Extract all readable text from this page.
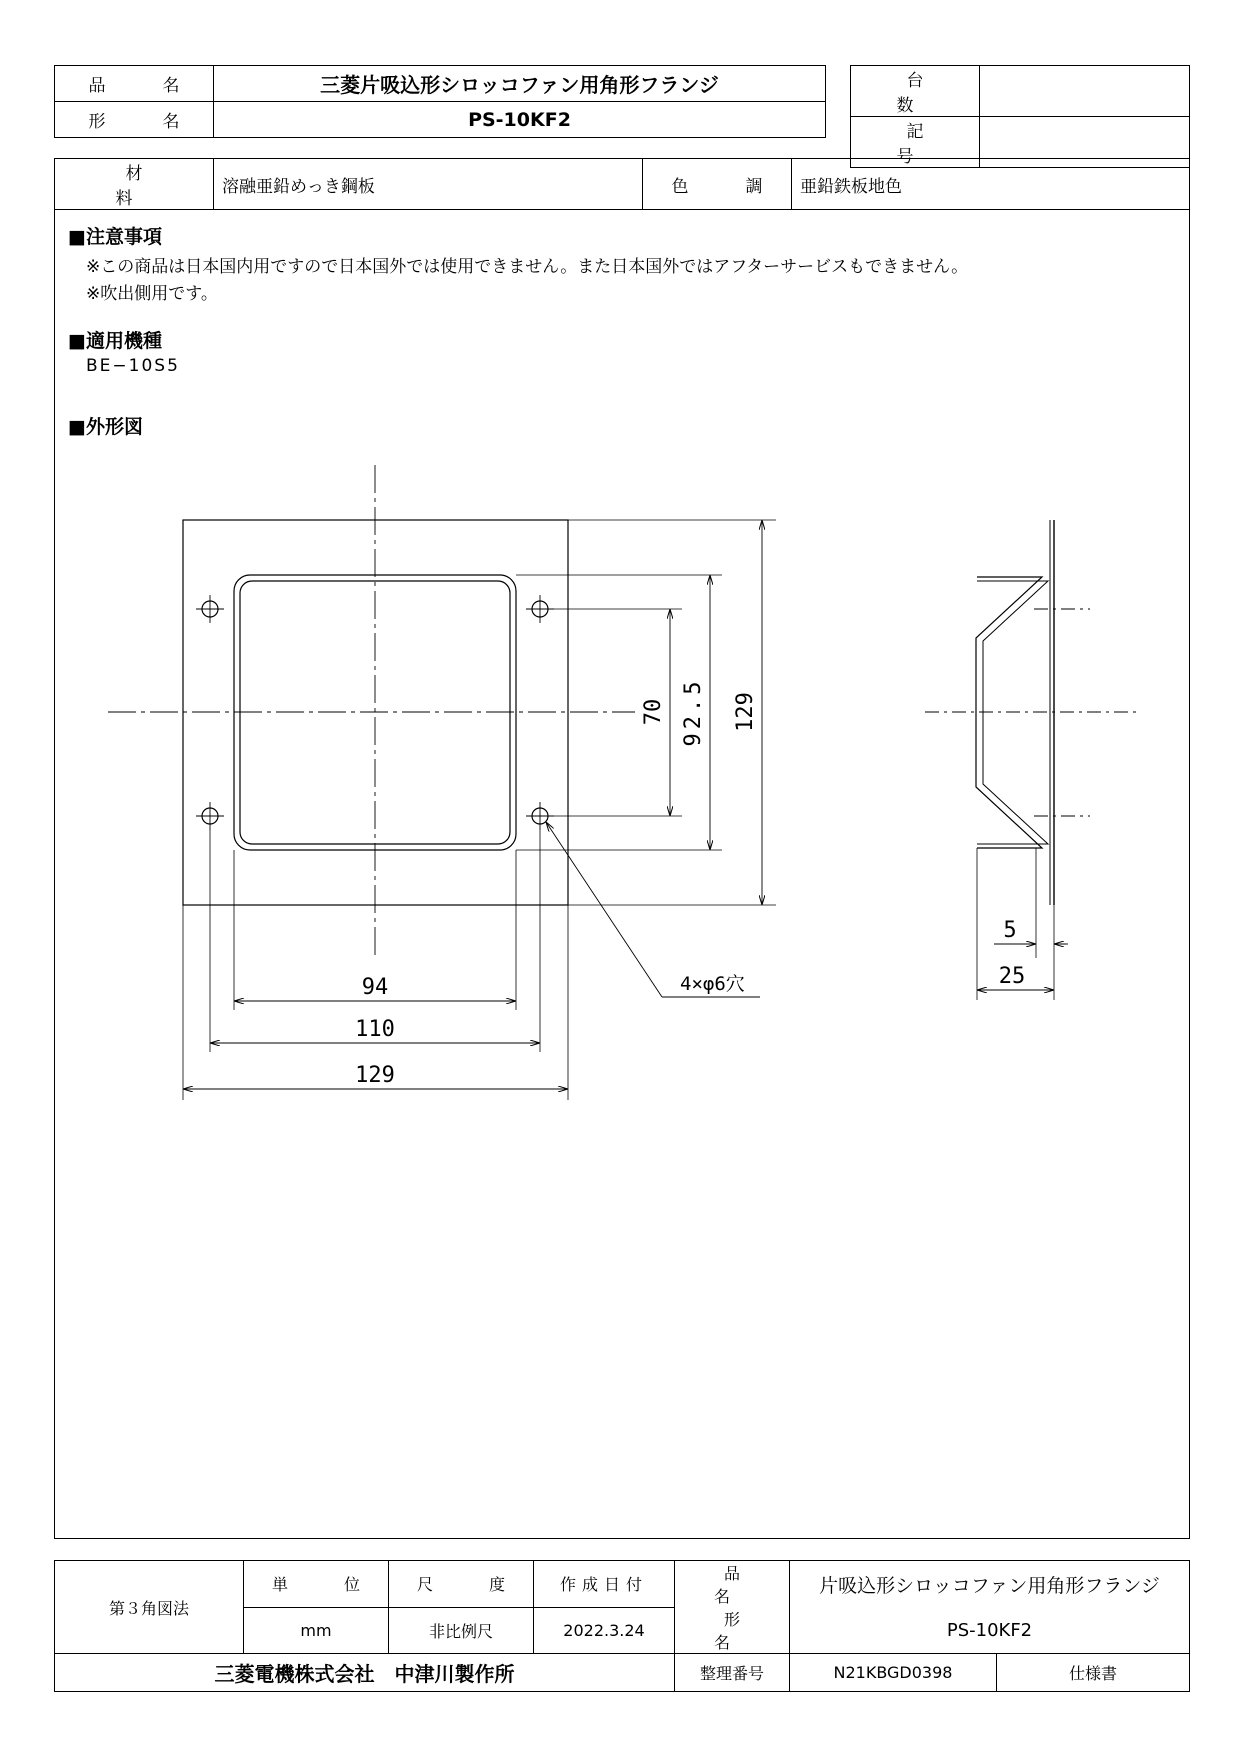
品　名	三菱片吸込形シロッコファン用角形フランジ
形　名	PS-10KF2
台　数	
記　号	
材　　料	溶融亜鉛めっき鋼板	色　調	亜鉛鉄板地色
■注意事項
※この商品は日本国内用ですので日本国外では使用できません。また日本国外ではアフターサービスもできません。
※吹出側用です。
■適用機種
BE−10S5
■外形図
94
110
129
70 92.5 129
4×φ6穴
5
25
第３角図法	単　位	尺　度	作成日付	品　名	片吸込形シロッコファン用角形フランジ	
	mm	非比例尺	2022.3.24	形　名	PS-10KF2	
三菱電機株式会社　中津川製作所				整理番号	N21KBGD0398	仕様書
